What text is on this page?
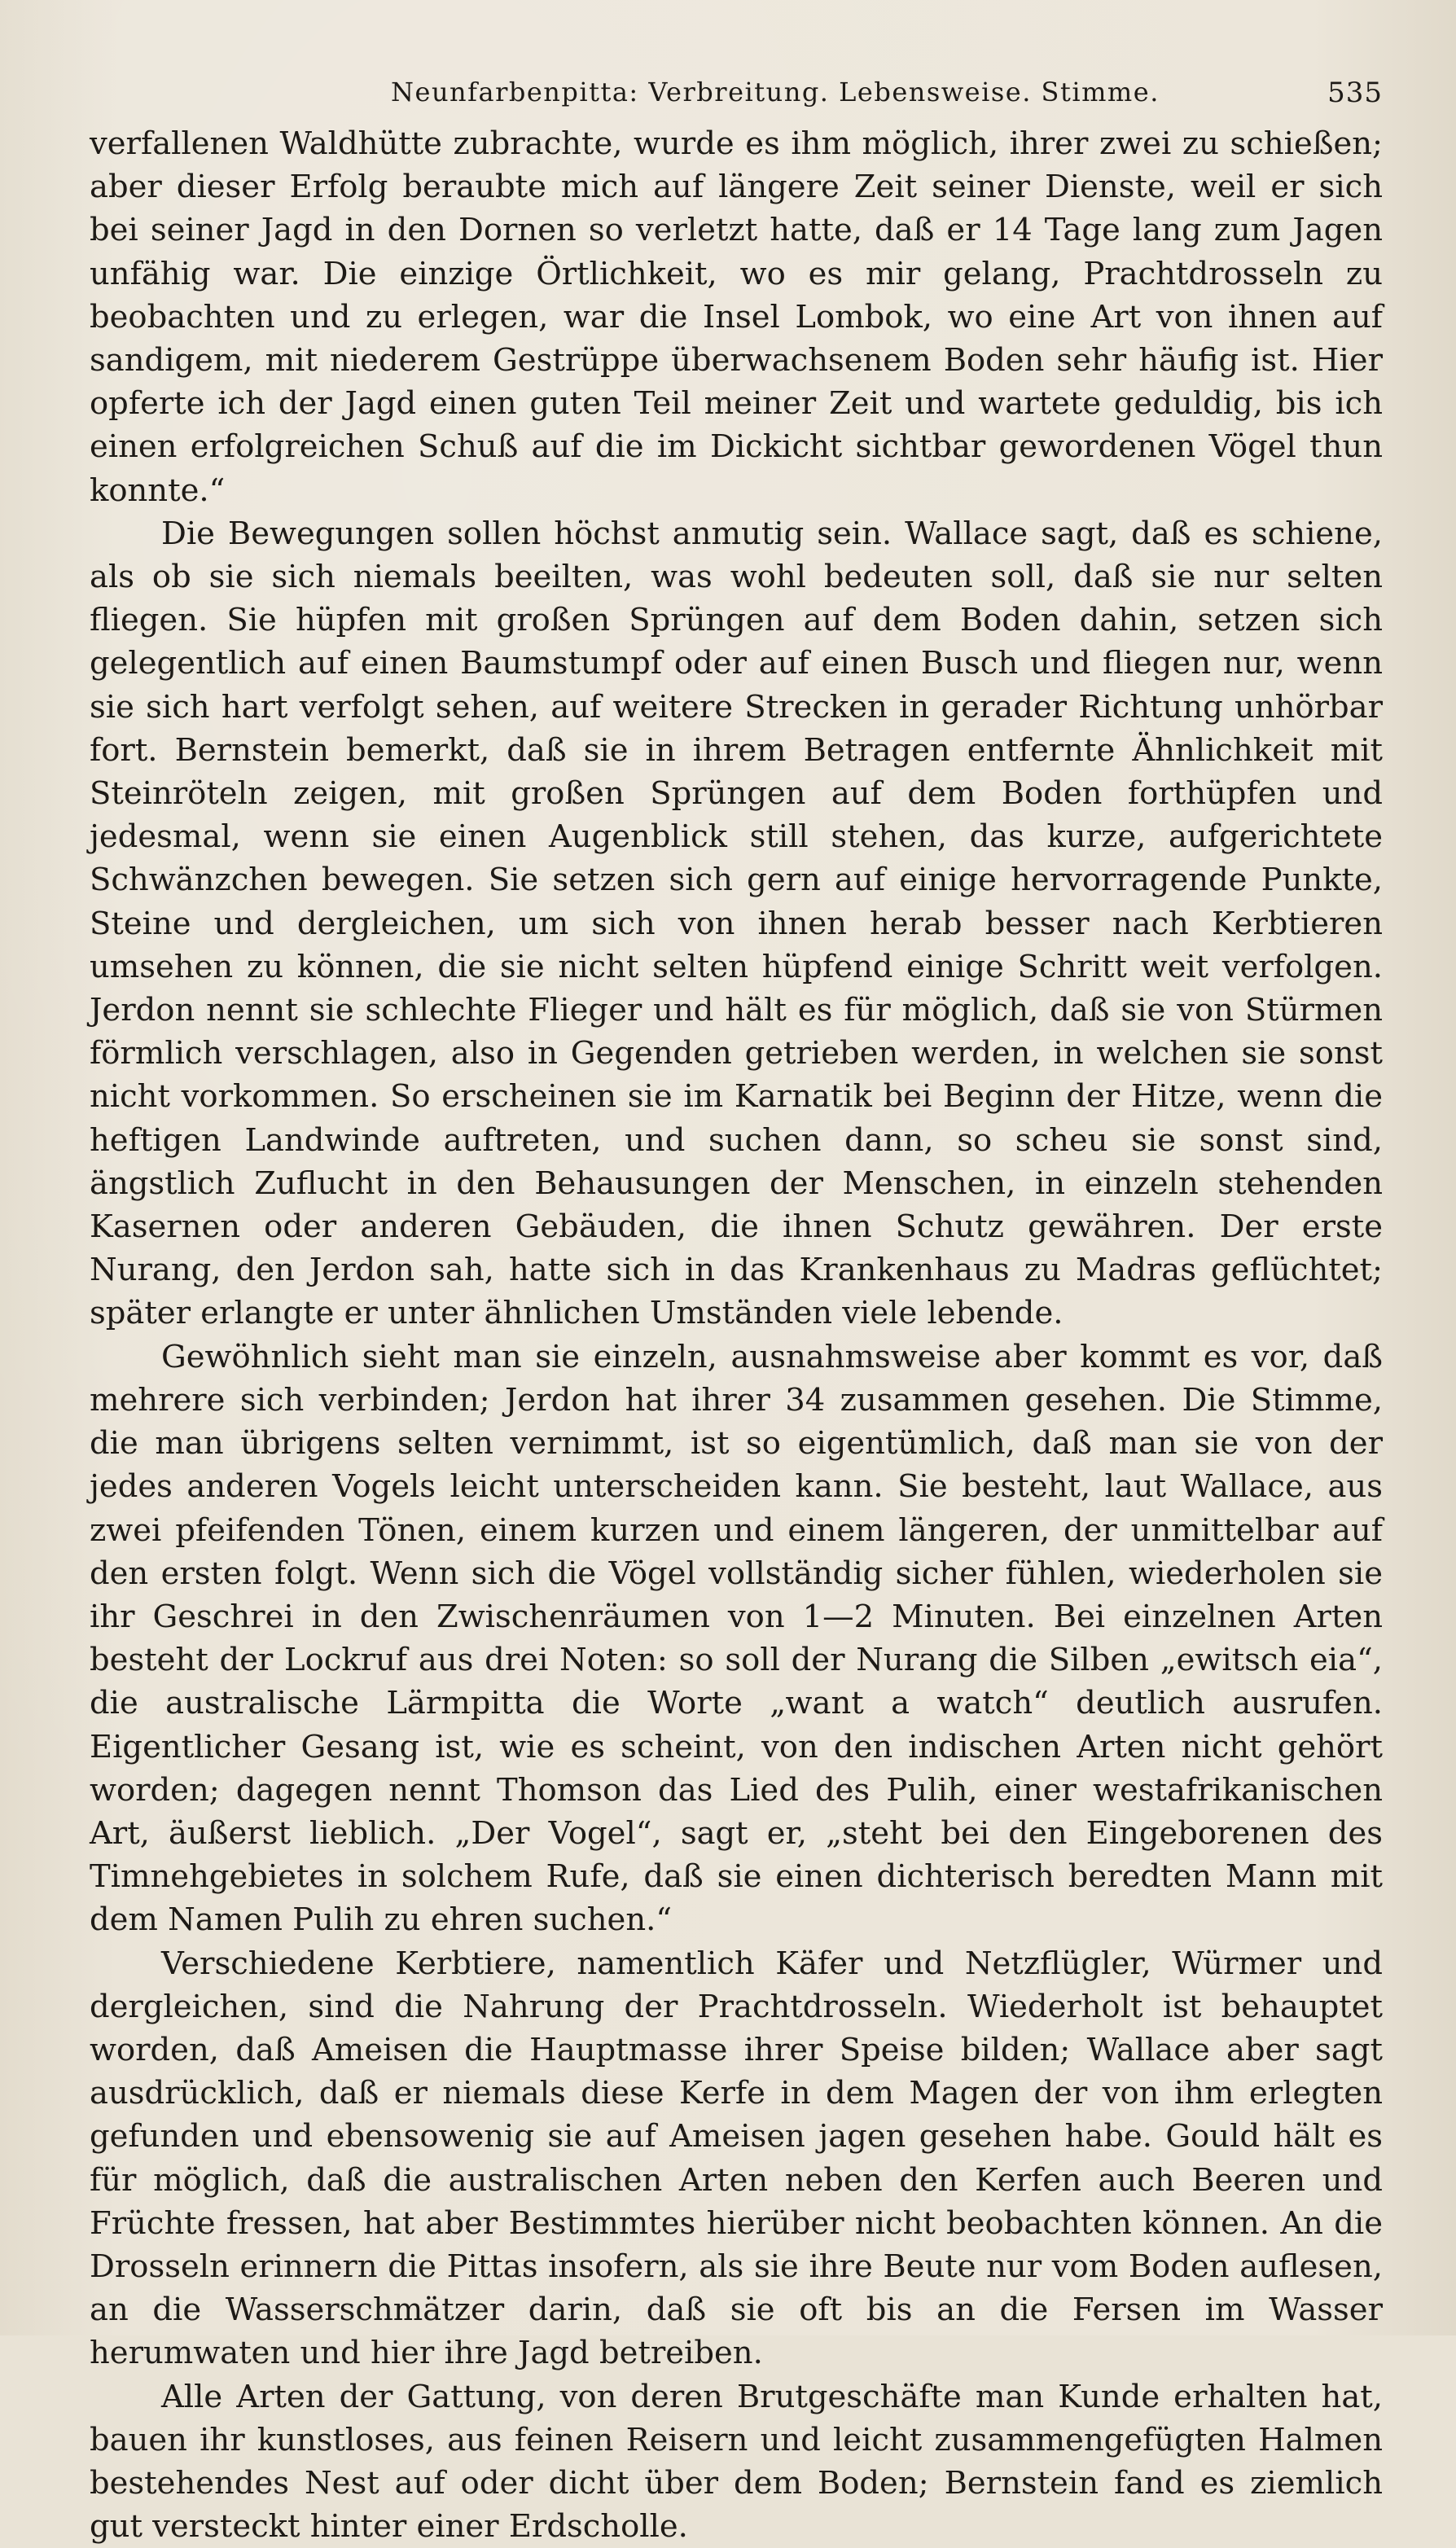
Neunfarbenpitta: Verbreitung. Lebensweise. Stimme.	535

verfallenen Waldhütte zubrachte, wurde es ihm möglich, ihrer zwei zu schießen; aber dieser Erfolg beraubte mich auf längere Zeit seiner Dienste, weil er sich bei seiner Jagd in den Dornen so verletzt hatte, daß er 14 Tage lang zum Jagen unfähig war. Die einzige Örtlichkeit, wo es mir gelang, Prachtdrosseln zu beobachten und zu erlegen, war die Insel Lombok, wo eine Art von ihnen auf sandigem, mit niederem Gestrüppe überwachsenem Boden sehr häufig ist. Hier opferte ich der Jagd einen guten Teil meiner Zeit und wartete geduldig, bis ich einen erfolgreichen Schuß auf die im Dickicht sichtbar gewordenen Vögel thun konnte.“

Die Bewegungen sollen höchst anmutig sein. Wallace sagt, daß es schiene, als ob sie sich niemals beeilten, was wohl bedeuten soll, daß sie nur selten fliegen. Sie hüpfen mit großen Sprüngen auf dem Boden dahin, setzen sich gelegentlich auf einen Baumstumpf oder auf einen Busch und fliegen nur, wenn sie sich hart verfolgt sehen, auf weitere Strecken in gerader Richtung unhörbar fort. Bernstein bemerkt, daß sie in ihrem Betragen entfernte Ähnlichkeit mit Steinröteln zeigen, mit großen Sprüngen auf dem Boden forthüpfen und jedesmal, wenn sie einen Augenblick still stehen, das kurze, aufgerichtete Schwänzchen bewegen. Sie setzen sich gern auf einige hervorragende Punkte, Steine und dergleichen, um sich von ihnen herab besser nach Kerbtieren umsehen zu können, die sie nicht selten hüpfend einige Schritt weit verfolgen. Jerdon nennt sie schlechte Flieger und hält es für möglich, daß sie von Stürmen förmlich verschlagen, also in Gegenden getrieben werden, in welchen sie sonst nicht vorkommen. So erscheinen sie im Karnatik bei Beginn der Hitze, wenn die heftigen Landwinde auftreten, und suchen dann, so scheu sie sonst sind, ängstlich Zuflucht in den Behausungen der Menschen, in einzeln stehenden Kasernen oder anderen Gebäuden, die ihnen Schutz gewähren. Der erste Nurang, den Jerdon sah, hatte sich in das Krankenhaus zu Madras geflüchtet; später erlangte er unter ähnlichen Umständen viele lebende.

Gewöhnlich sieht man sie einzeln, ausnahmsweise aber kommt es vor, daß mehrere sich verbinden; Jerdon hat ihrer 34 zusammen gesehen. Die Stimme, die man übrigens selten vernimmt, ist so eigentümlich, daß man sie von der jedes anderen Vogels leicht unterscheiden kann. Sie besteht, laut Wallace, aus zwei pfeifenden Tönen, einem kurzen und einem längeren, der unmittelbar auf den ersten folgt. Wenn sich die Vögel vollständig sicher fühlen, wiederholen sie ihr Geschrei in den Zwischenräumen von 1—2 Minuten. Bei einzelnen Arten besteht der Lockruf aus drei Noten: so soll der Nurang die Silben „ewitsch eia“, die australische Lärmpitta die Worte „want a watch“ deutlich ausrufen. Eigentlicher Gesang ist, wie es scheint, von den indischen Arten nicht gehört worden; dagegen nennt Thomson das Lied des Pulih, einer westafrikanischen Art, äußerst lieblich. „Der Vogel“, sagt er, „steht bei den Eingeborenen des Timnehgebietes in solchem Rufe, daß sie einen dichterisch beredten Mann mit dem Namen Pulih zu ehren suchen.“

Verschiedene Kerbtiere, namentlich Käfer und Netzflügler, Würmer und dergleichen, sind die Nahrung der Prachtdrosseln. Wiederholt ist behauptet worden, daß Ameisen die Hauptmasse ihrer Speise bilden; Wallace aber sagt ausdrücklich, daß er niemals diese Kerfe in dem Magen der von ihm erlegten gefunden und ebensowenig sie auf Ameisen jagen gesehen habe. Gould hält es für möglich, daß die australischen Arten neben den Kerfen auch Beeren und Früchte fressen, hat aber Bestimmtes hierüber nicht beobachten können. An die Drosseln erinnern die Pittas insofern, als sie ihre Beute nur vom Boden auflesen, an die Wasserschmätzer darin, daß sie oft bis an die Fersen im Wasser herumwaten und hier ihre Jagd betreiben.

Alle Arten der Gattung, von deren Brutgeschäfte man Kunde erhalten hat, bauen ihr kunstloses, aus feinen Reisern und leicht zusammengefügten Halmen bestehendes Nest auf oder dicht über dem Boden; Bernstein fand es ziemlich gut versteckt hinter einer Erdscholle.
